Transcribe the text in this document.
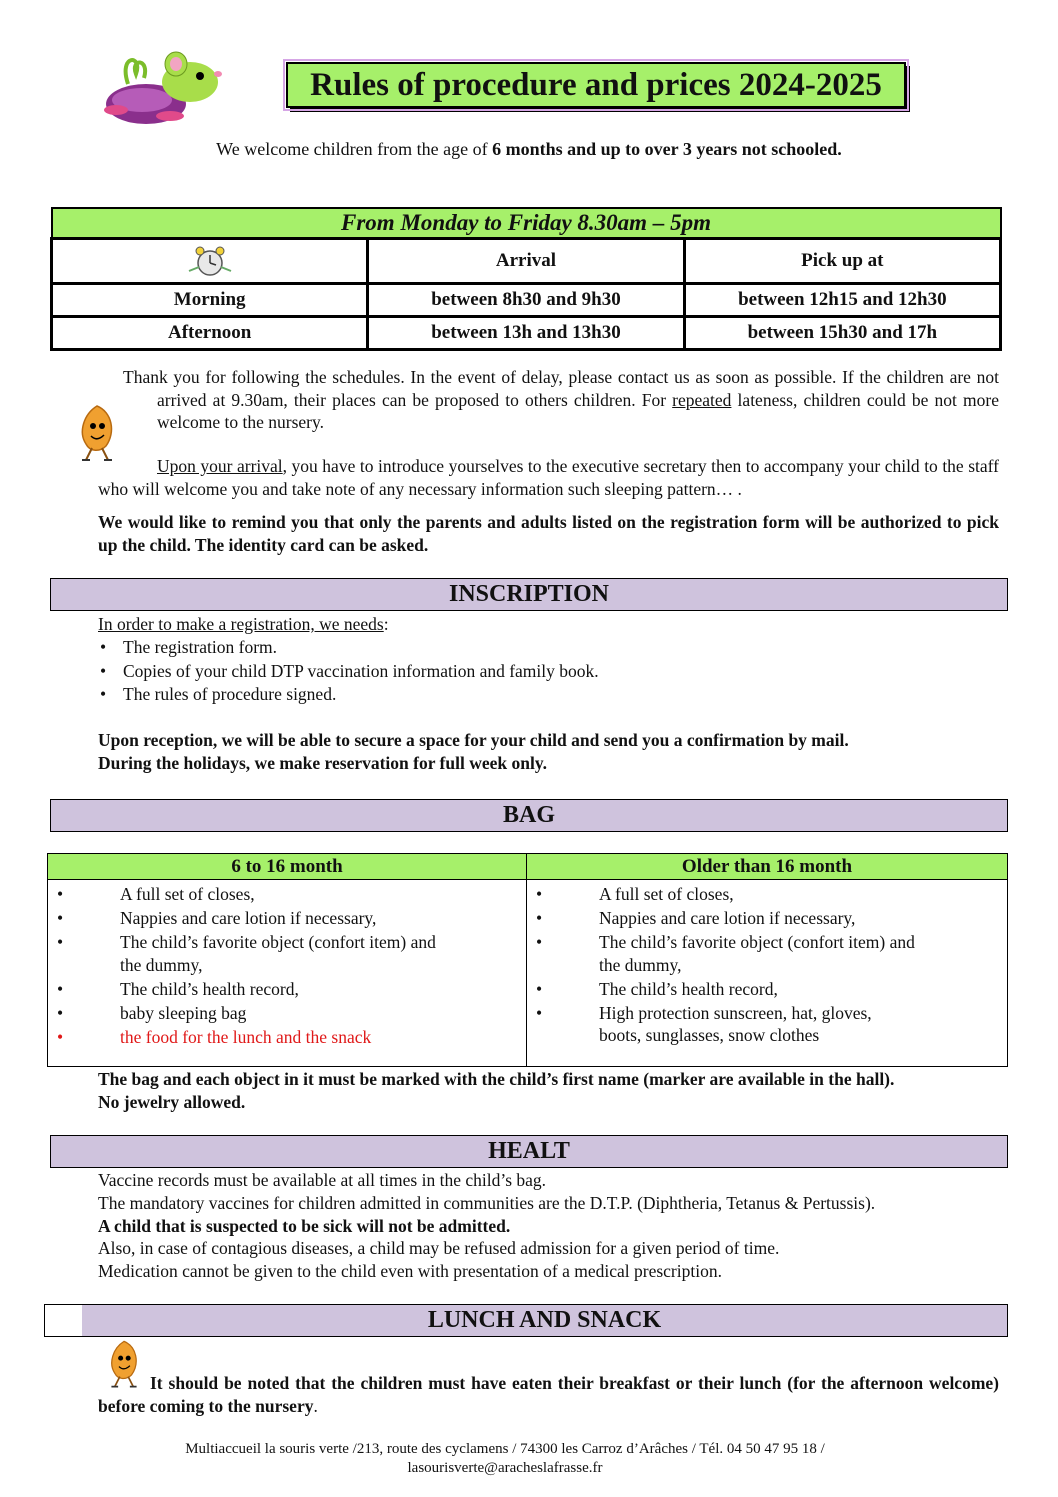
Rules of procedure and prices 2024-2025
We welcome children from the age of 6 months and up to over 3 years not schooled.
From Monday to Friday 8.30am – 5pm		
	Arrival	Pick up at
Morning	between 8h30 and 9h30	between 12h15 and 12h30
Afternoon	between 13h and 13h30	between 15h30 and 17h
Thank you for following the schedules. In the event of delay, please contact us as soon as possible. If the children are not arrived at 9.30am, their places can be proposed to others children. For repeated lateness, children could be not more welcome to the nursery.
Upon your arrival, you have to introduce yourselves to the executive secretary then to accompany your child to the staff who will welcome you and take note of any necessary information such sleeping pattern… .
We would like to remind you that only the parents and adults listed on the registration form will be authorized to pick up the child. The identity card can be asked.
INSCRIPTION
In order to make a registration, we needs:
• The registration form.
• Copies of your child DTP vaccination information and family book.
• The rules of procedure signed.
Upon reception, we will be able to secure a space for your child and send you a confirmation by mail.
During the holidays, we make reservation for full week only.
BAG
6 to 16 month
• A full set of closes,
• Nappies and care lotion if necessary,
• The child’s favorite object (confort item) and the dummy,
• The child’s health record,
• baby sleeping bag
• the food for the lunch and the snack
Older than 16 month
• A full set of closes,
• Nappies and care lotion if necessary,
• The child’s favorite object (confort item) and the dummy,
• The child’s health record,
• High protection sunscreen, hat, gloves, boots, sunglasses, snow clothes
The bag and each object in it must be marked with the child’s first name (marker are available in the hall).
No jewelry allowed.
HEALT
Vaccine records must be available at all times in the child’s bag.
The mandatory vaccines for children admitted in communities are the D.T.P. (Diphtheria, Tetanus & Pertussis).
A child that is suspected to be sick will not be admitted.
Also, in case of contagious diseases, a child may be refused admission for a given period of time.
Medication cannot be given to the child even with presentation of a medical prescription.
LUNCH AND SNACK
It should be noted that the children must have eaten their breakfast or their lunch (for the afternoon welcome) before coming to the nursery.
Multiaccueil la souris verte /213, route des cyclamens / 74300 les Carroz d’Arâches / Tél. 04 50 47 95 18 /
lasourisverte@aracheslafrasse.fr
